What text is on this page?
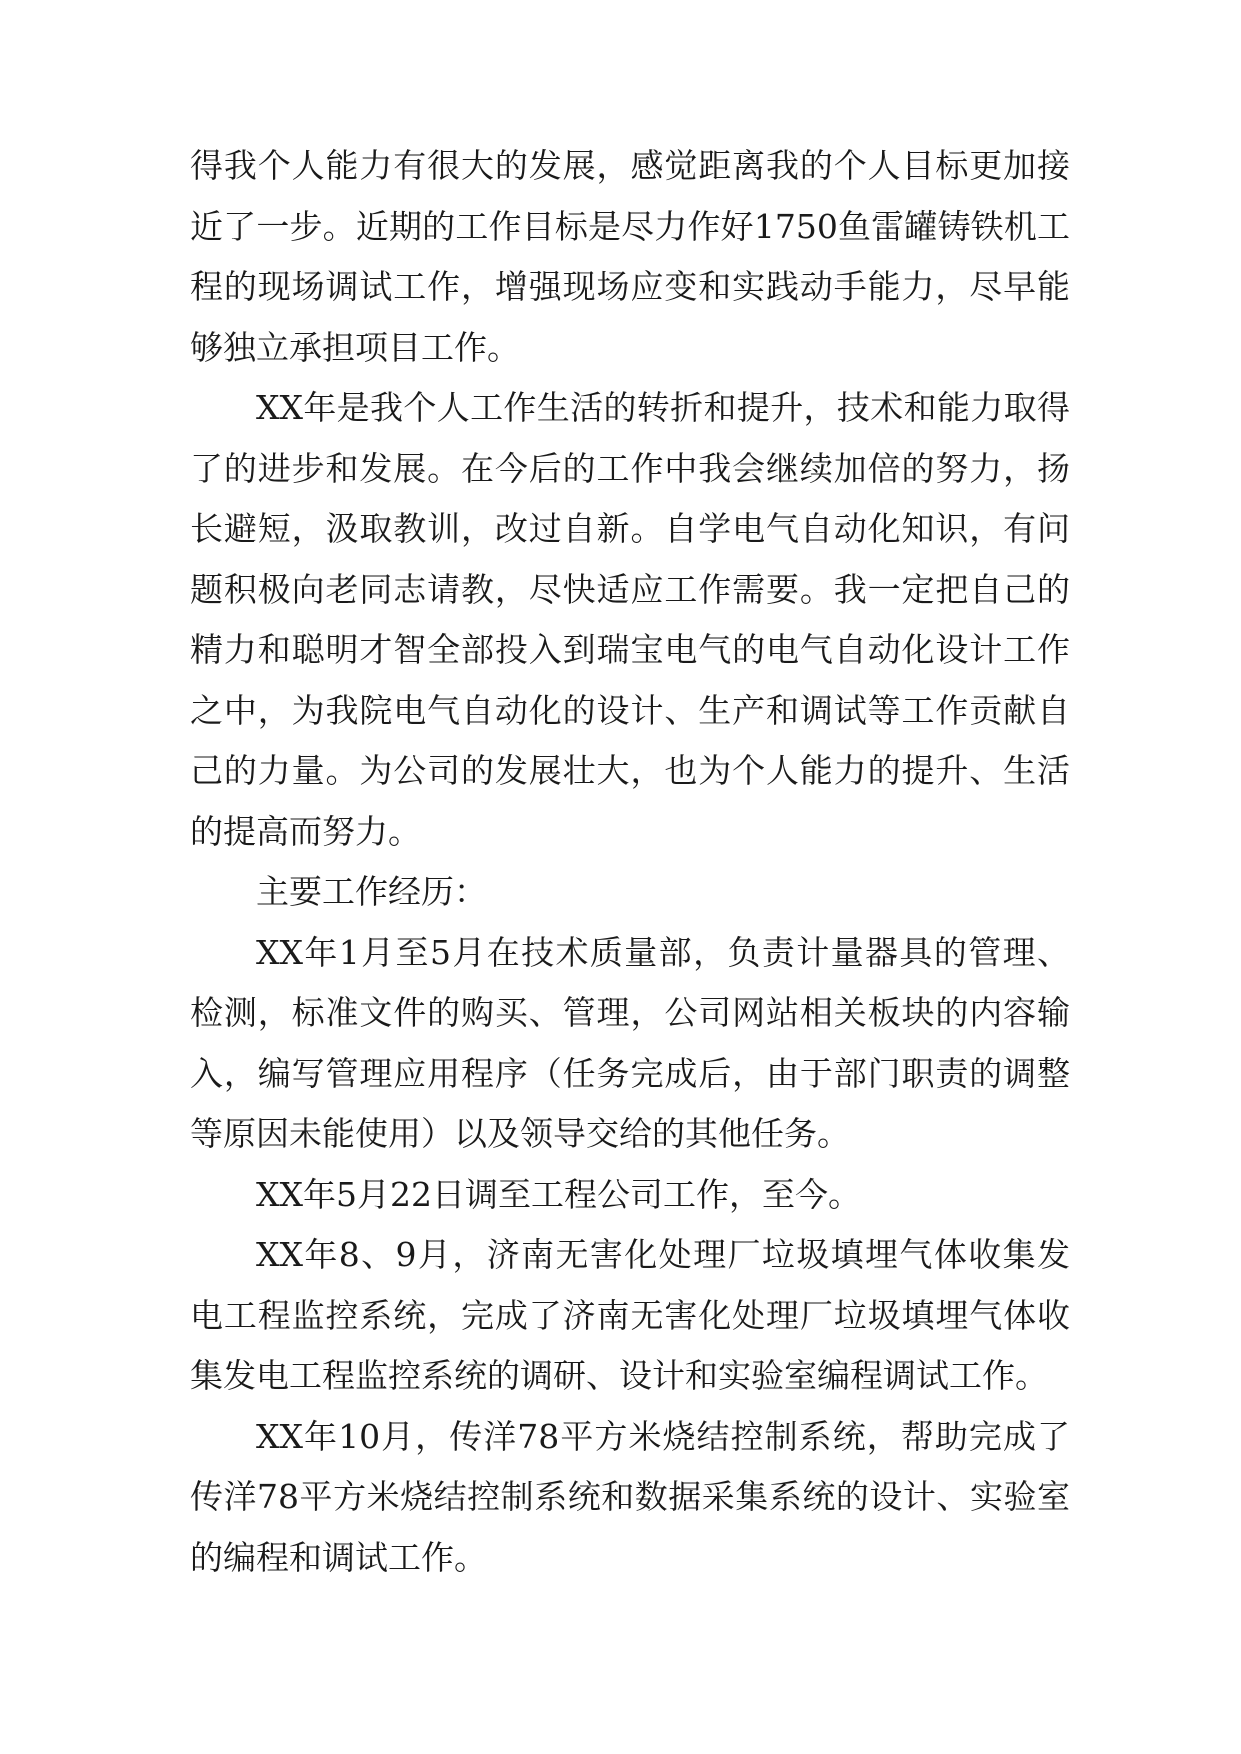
得我个人能力有很大的发展，感觉距离我的个人目标更加接近了一步。近期的工作目标是尽力作好1750鱼雷罐铸铁机工程的现场调试工作，增强现场应变和实践动手能力，尽早能够独立承担项目工作。

XX年是我个人工作生活的转折和提升，技术和能力取得了的进步和发展。在今后的工作中我会继续加倍的努力，扬长避短，汲取教训，改过自新。自学电气自动化知识，有问题积极向老同志请教，尽快适应工作需要。我一定把自己的精力和聪明才智全部投入到瑞宝电气的电气自动化设计工作之中，为我院电气自动化的设计、生产和调试等工作贡献自己的力量。为公司的发展壮大，也为个人能力的提升、生活的提高而努力。

主要工作经历：

XX年1月至5月在技术质量部，负责计量器具的管理、检测，标准文件的购买、管理，公司网站相关板块的内容输入，编写管理应用程序（任务完成后，由于部门职责的调整等原因未能使用）以及领导交给的其他任务。

XX年5月22日调至工程公司工作，至今。

XX年8、9月，济南无害化处理厂垃圾填埋气体收集发电工程监控系统，完成了济南无害化处理厂垃圾填埋气体收集发电工程监控系统的调研、设计和实验室编程调试工作。

XX年10月，传洋78平方米烧结控制系统，帮助完成了传洋78平方米烧结控制系统和数据采集系统的设计、实验室的编程和调试工作。
